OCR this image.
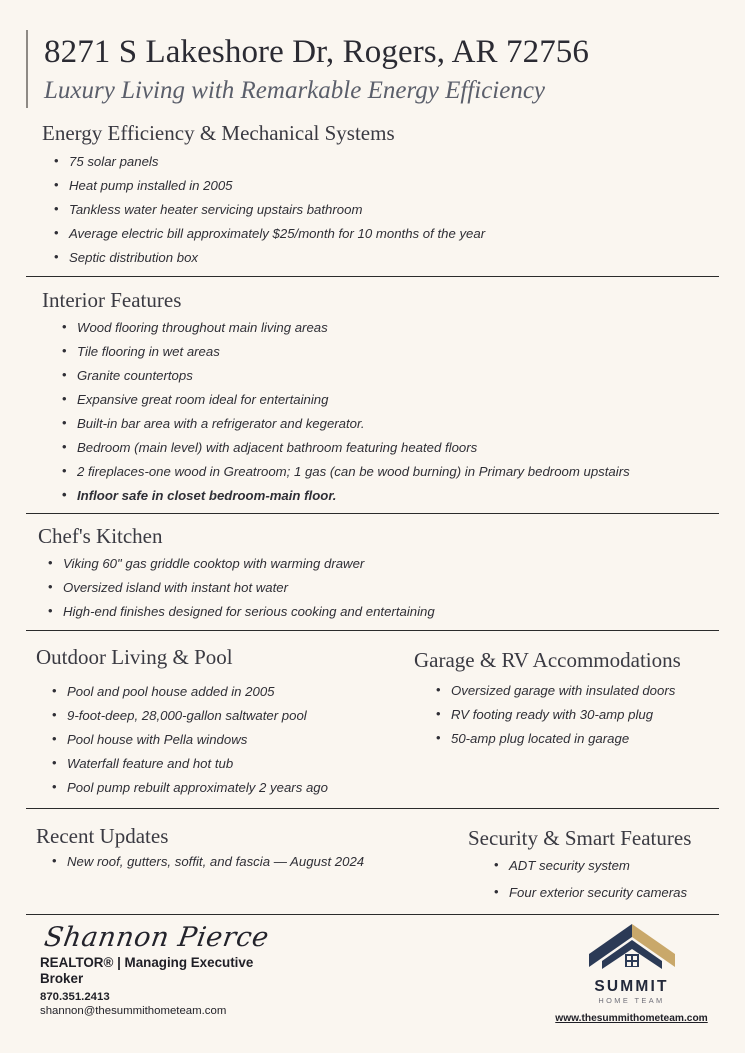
8271 S Lakeshore Dr, Rogers, AR 72756
Luxury Living with Remarkable Energy Efficiency
Energy Efficiency & Mechanical Systems
• 75 solar panels
• Heat pump installed in 2005
• Tankless water heater servicing upstairs bathroom
• Average electric bill approximately $25/month for 10 months of the year
• Septic distribution box
Interior Features
• Wood flooring throughout main living areas
• Tile flooring in wet areas
• Granite countertops
• Expansive great room ideal for entertaining
• Built-in bar area with a refrigerator and kegerator.
• Bedroom (main level) with adjacent bathroom featuring heated floors
• 2 fireplaces-one wood in Greatroom; 1 gas (can be wood burning) in Primary bedroom upstairs
• Infloor safe in closet bedroom-main floor.
Chef's Kitchen
• Viking 60" gas griddle cooktop with warming drawer
• Oversized island with instant hot water
• High-end finishes designed for serious cooking and entertaining
Outdoor Living & Pool
• Pool and pool house added in 2005
• 9-foot-deep, 28,000-gallon saltwater pool
• Pool house with Pella windows
• Waterfall feature and hot tub
• Pool pump rebuilt approximately 2 years ago
Garage & RV Accommodations
• Oversized garage with insulated doors
• RV footing ready with 30-amp plug
• 50-amp plug located in garage
Recent Updates
• New roof, gutters, soffit, and fascia — August 2024
Security & Smart Features
• ADT security system
• Four exterior security cameras
Shannon Pierce
REALTOR® | Managing Executive Broker
870.351.2413
shannon@thesummithometeam.com
SUMMIT
HOME TEAM
www.thesummithometeam.com
